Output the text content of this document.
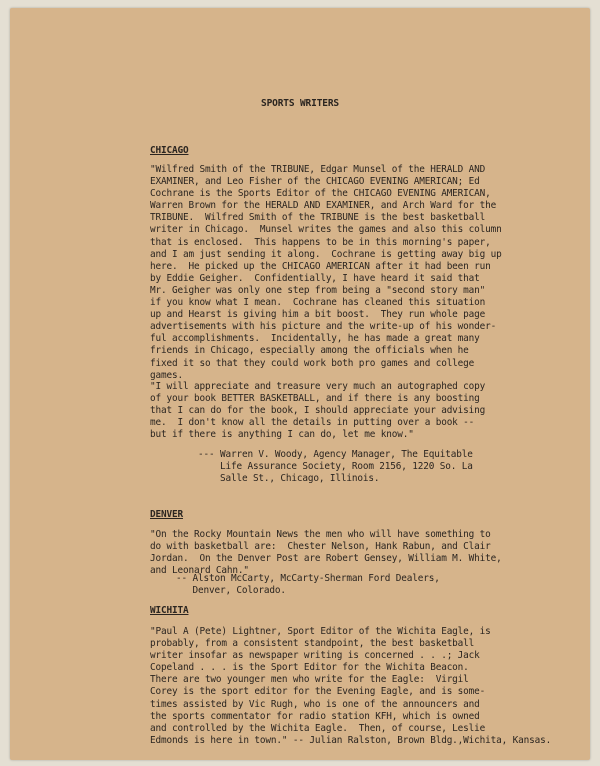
SPORTS WRITERS
CHICAGO
"Wilfred Smith of the TRIBUNE, Edgar Munsel of the HERALD AND
EXAMINER, and Leo Fisher of the CHICAGO EVENING AMERICAN; Ed
Cochrane is the Sports Editor of the CHICAGO EVENING AMERICAN,
Warren Brown for the HERALD AND EXAMINER, and Arch Ward for the
TRIBUNE.  Wilfred Smith of the TRIBUNE is the best basketball
writer in Chicago.  Munsel writes the games and also this column
that is enclosed.  This happens to be in this morning's paper,
and I am just sending it along.  Cochrane is getting away big up
here.  He picked up the CHICAGO AMERICAN after it had been run
by Eddie Geigher.  Confidentially, I have heard it said that
Mr. Geigher was only one step from being a "second story man"
if you know what I mean.  Cochrane has cleaned this situation
up and Hearst is giving him a bit boost.  They run whole page
advertisements with his picture and the write-up of his wonder-
ful accomplishments.  Incidentally, he has made a great many
friends in Chicago, especially among the officials when he
fixed it so that they could work both pro games and college
games.
"I will appreciate and treasure very much an autographed copy
of your book BETTER BASKETBALL, and if there is any boosting
that I can do for the book, I should appreciate your advising
me.  I don't know all the details in putting over a book --
but if there is anything I can do, let me know."
--- Warren V. Woody, Agency Manager, The Equitable
Life Assurance Society, Room 2156, 1220 So. La
Salle St., Chicago, Illinois.
DENVER
"On the Rocky Mountain News the men who will have something to
do with basketball are:  Chester Nelson, Hank Rabun, and Clair
Jordan.  On the Denver Post are Robert Gensey, William M. White,
and Leonard Cahn."
-- Alston McCarty, McCarty-Sherman Ford Dealers,
Denver, Colorado.
WICHITA
"Paul A (Pete) Lightner, Sport Editor of the Wichita Eagle, is
probably, from a consistent standpoint, the best basketball
writer insofar as newspaper writing is concerned . . .; Jack
Copeland . . . is the Sport Editor for the Wichita Beacon.
There are two younger men who write for the Eagle:  Virgil
Corey is the sport editor for the Evening Eagle, and is some-
times assisted by Vic Rugh, who is one of the announcers and
the sports commentator for radio station KFH, which is owned
and controlled by the Wichita Eagle.  Then, of course, Leslie
Edmonds is here in town." -- Julian Ralston, Brown Bldg.,Wichita, Kansas.
